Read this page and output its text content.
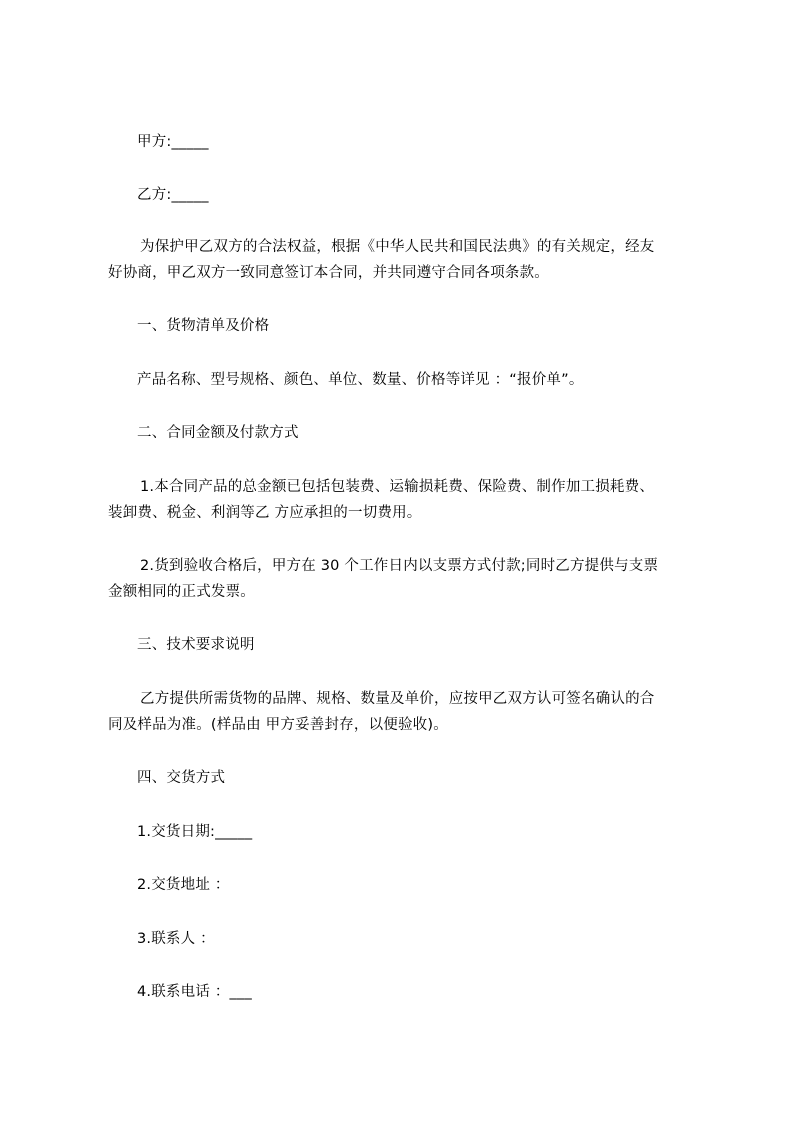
甲方:_____
乙方:_____
为保护甲乙双方的合法权益，根据《中华人民共和国民法典》的有关规定，经友
好协商，甲乙双方一致同意签订本合同，并共同遵守合同各项条款。
一、货物清单及价格
产品名称、型号规格、颜色、单位、数量、价格等详见 ：“报价单”。
二、合同金额及付款方式
1.本合同产品的总金额已包括包装费、运输损耗费、保险费、制作加工损耗费、
装卸费、税金、利润等乙 方应承担的一切费用。
2.货到验收合格后，甲方在 30 个工作日内以支票方式付款;同时乙方提供与支票
金额相同的正式发票。
三、技术要求说明
乙方提供所需货物的品牌、规格、数量及单价，应按甲乙双方认可签名确认的合
同及样品为准。(样品由 甲方妥善封存，以便验收)。
四、交货方式
1.交货日期:_____
2.交货地址 ：
3.联系人 ：
4.联系电话 ：___
